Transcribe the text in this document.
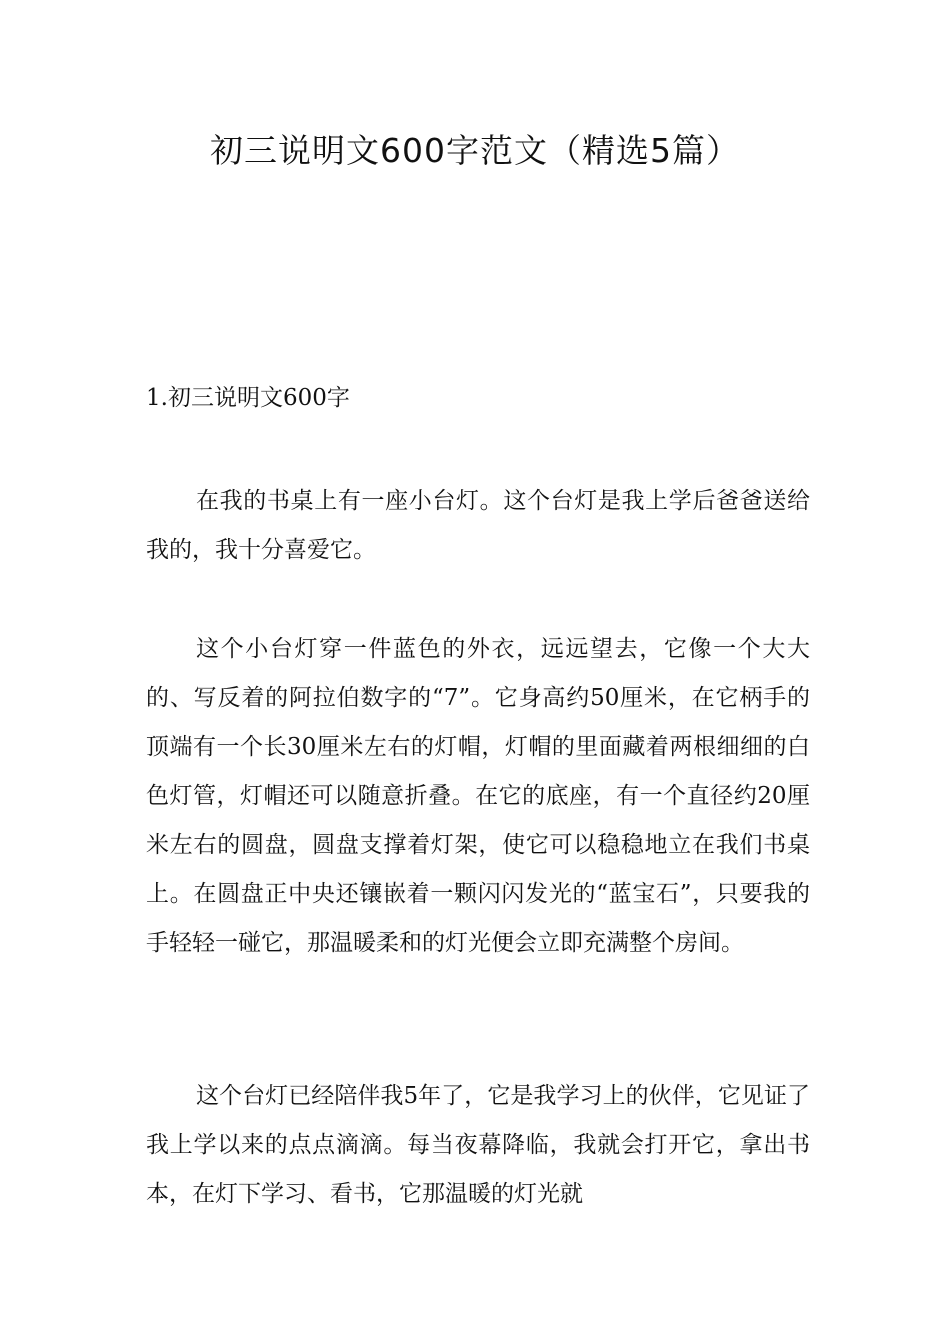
初三说明文600字范文（精选5篇）
1.初三说明文600字

在我的书桌上有一座小台灯。这个台灯是我上学后爸爸送给我的，我十分喜爱它。

这个小台灯穿一件蓝色的外衣，远远望去，它像一个大大的、写反着的阿拉伯数字的“7”。它身高约50厘米，在它柄手的顶端有一个长30厘米左右的灯帽，灯帽的里面藏着两根细细的白色灯管，灯帽还可以随意折叠。在它的底座，有一个直径约20厘米左右的圆盘，圆盘支撑着灯架，使它可以稳稳地立在我们书桌上。在圆盘正中央还镶嵌着一颗闪闪发光的“蓝宝石”，只要我的手轻轻一碰它，那温暖柔和的灯光便会立即充满整个房间。

这个台灯已经陪伴我5年了，它是我学习上的伙伴，它见证了我上学以来的点点滴滴。每当夜幕降临，我就会打开它，拿出书本，在灯下学习、看书，它那温暖的灯光就
